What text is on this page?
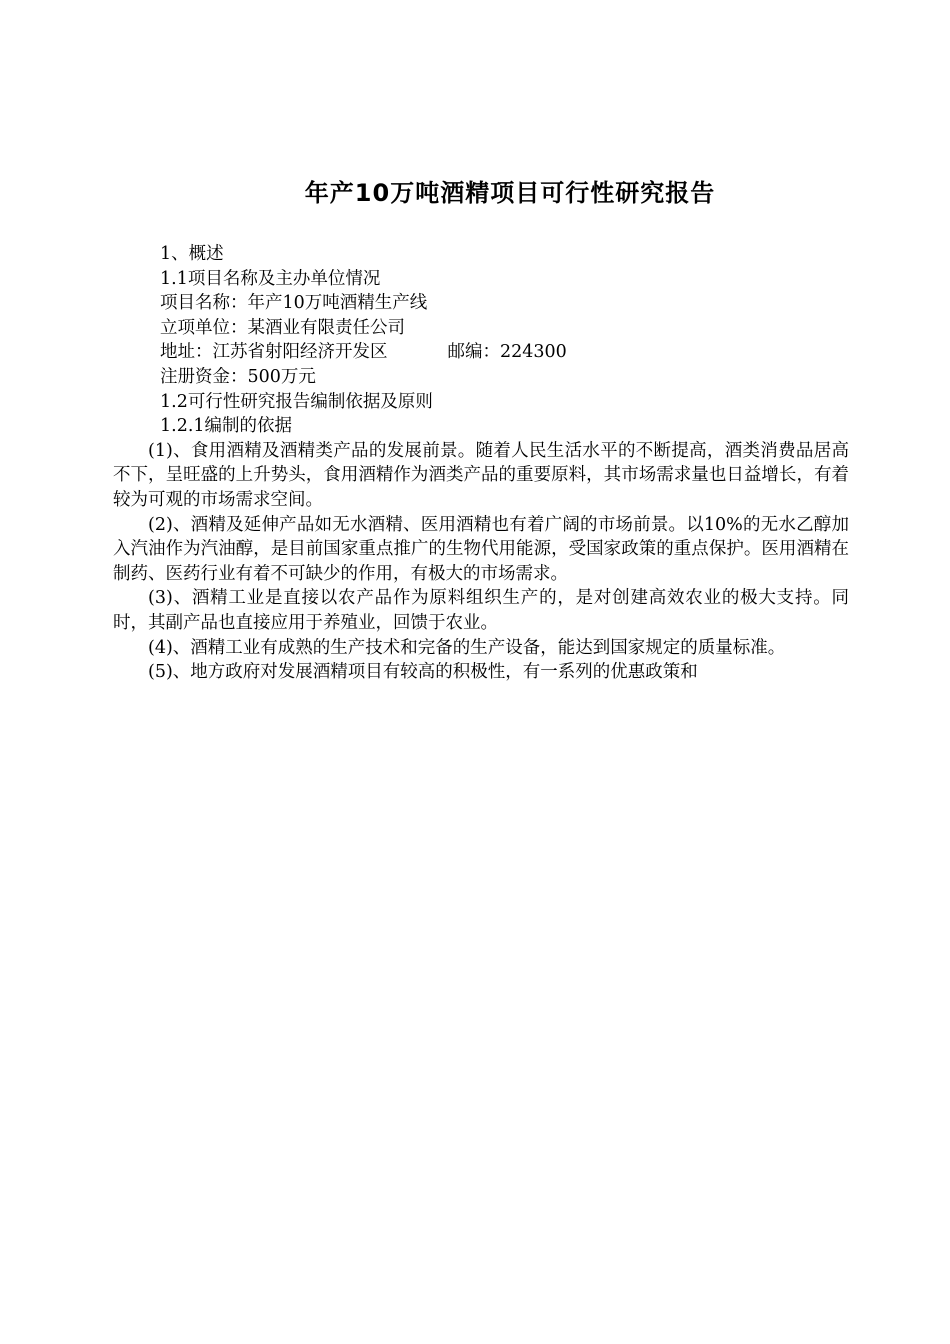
年产10万吨酒精项目可行性研究报告

1、概述

1.1项目名称及主办单位情况

项目名称：年产10万吨酒精生产线

立项单位：某酒业有限责任公司

地址：江苏省射阳经济开发区	邮编：224300

注册资金：500万元

1.2可行性研究报告编制依据及原则

1.2.1编制的依据

(1)、食用酒精及酒精类产品的发展前景。随着人民生活水平的不断提高，酒类消费品居高不下，呈旺盛的上升势头，食用酒精作为酒类产品的重要原料，其市场需求量也日益增长，有着较为可观的市场需求空间。

(2)、酒精及延伸产品如无水酒精、医用酒精也有着广阔的市场前景。以10%的无水乙醇加入汽油作为汽油醇，是目前国家重点推广的生物代用能源，受国家政策的重点保护。医用酒精在制药、医药行业有着不可缺少的作用，有极大的市场需求。

(3)、酒精工业是直接以农产品作为原料组织生产的，是对创建高效农业的极大支持。同时，其副产品也直接应用于养殖业，回馈于农业。

(4)、酒精工业有成熟的生产技术和完备的生产设备，能达到国家规定的质量标准。

(5)、地方政府对发展酒精项目有较高的积极性，有一系列的优惠政策和
